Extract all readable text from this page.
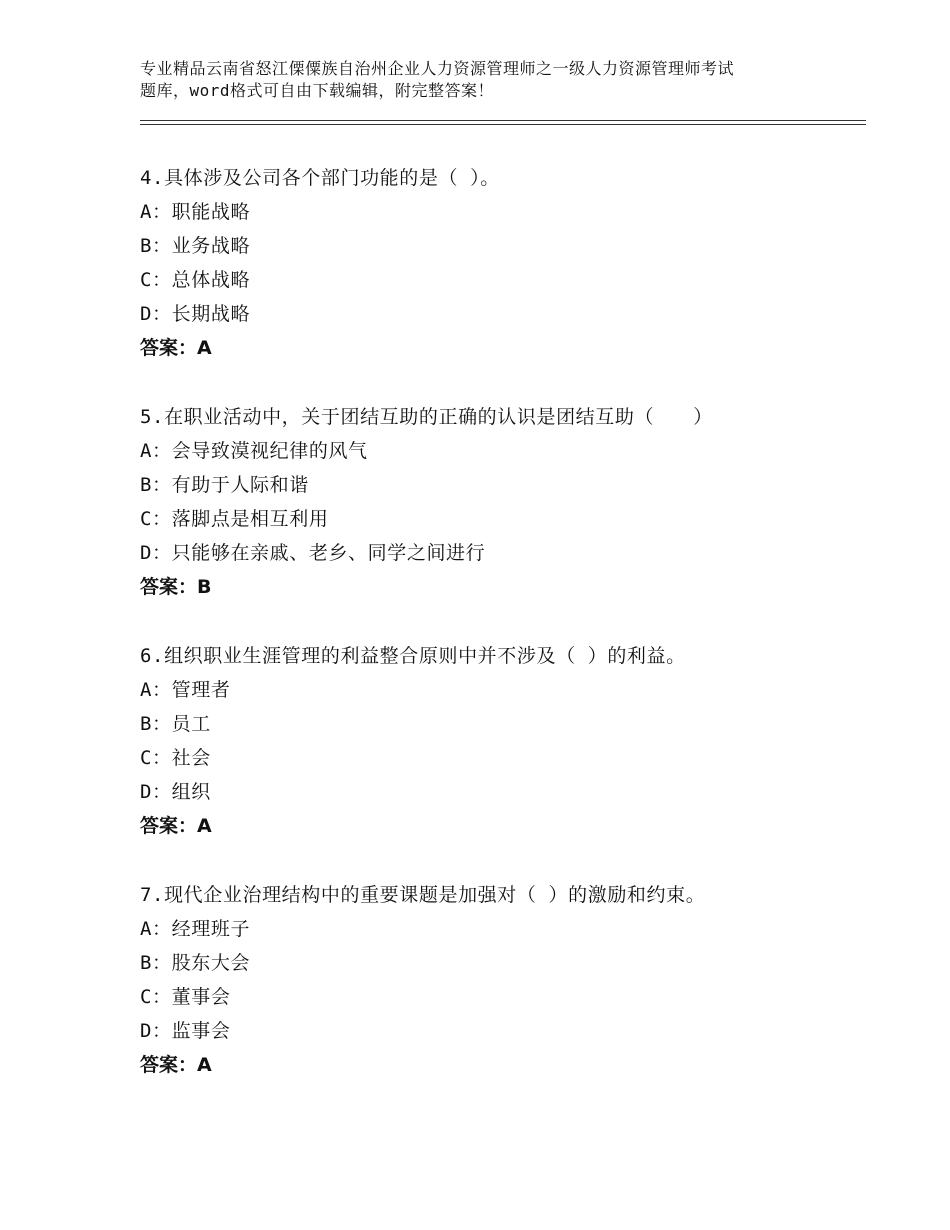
专业精品云南省怒江傈僳族自治州企业人力资源管理师之一级人力资源管理师考试
题库，word格式可自由下载编辑，附完整答案！
4.具体涉及公司各个部门功能的是（ ）。
A：职能战略
B：业务战略
C：总体战略
D：长期战略
答案：A
5.在职业活动中，关于团结互助的正确的认识是团结互助（　　）
A：会导致漠视纪律的风气
B：有助于人际和谐
C：落脚点是相互利用
D：只能够在亲戚、老乡、同学之间进行
答案：B
6.组织职业生涯管理的利益整合原则中并不涉及（ ）的利益。
A：管理者
B：员工
C：社会
D：组织
答案：A
7.现代企业治理结构中的重要课题是加强对（ ）的激励和约束。
A：经理班子
B：股东大会
C：董事会
D：监事会
答案：A
